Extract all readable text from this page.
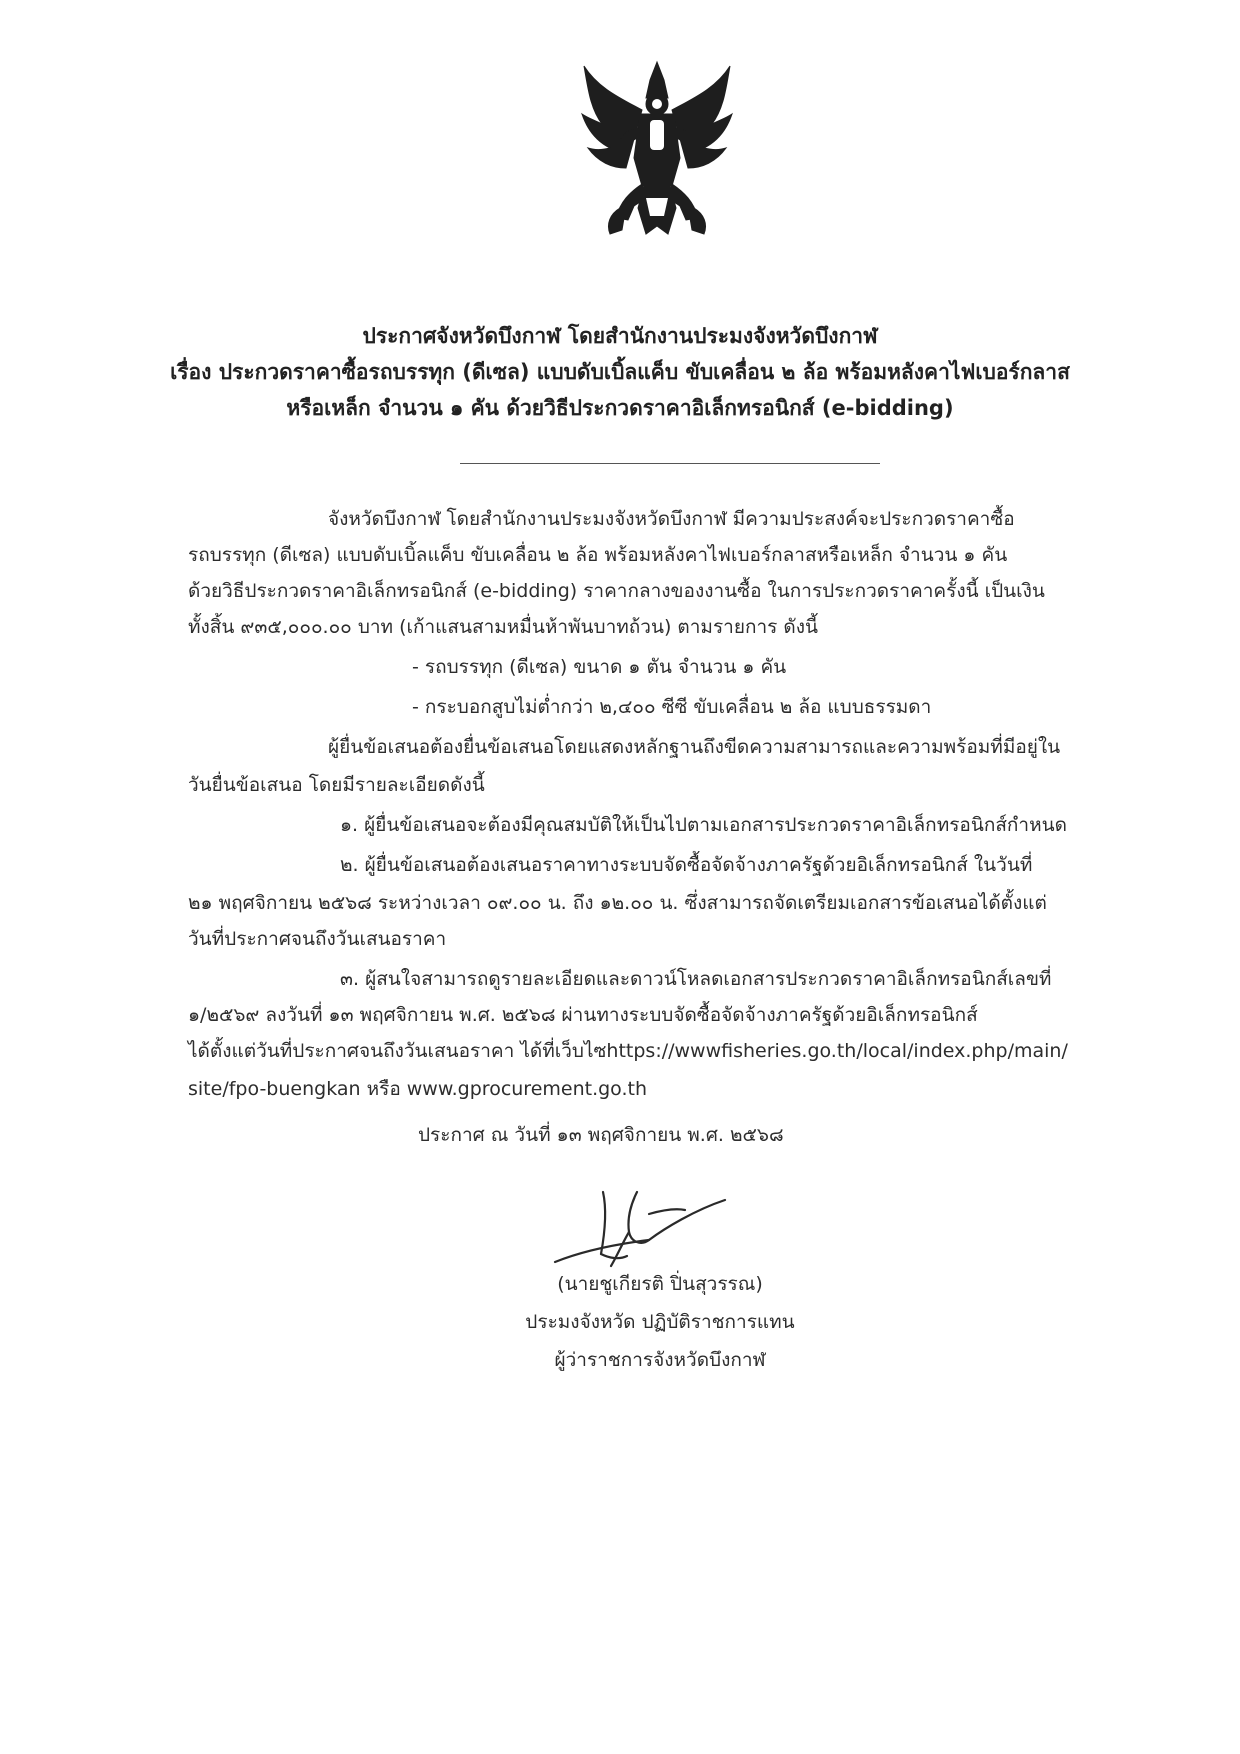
ประกาศจังหวัดบึงกาฬ โดยสำนักงานประมงจังหวัดบึงกาฬ
เรื่อง ประกวดราคาซื้อรถบรรทุก (ดีเซล) แบบดับเบิ้ลแค็บ ขับเคลื่อน ๒ ล้อ พร้อมหลังคาไฟเบอร์กลาส
หรือเหล็ก จำนวน ๑ คัน ด้วยวิธีประกวดราคาอิเล็กทรอนิกส์ (e-bidding)
จังหวัดบึงกาฬ โดยสำนักงานประมงจังหวัดบึงกาฬ มีความประสงค์จะประกวดราคาซื้อ
รถบรรทุก (ดีเซล) แบบดับเบิ้ลแค็บ ขับเคลื่อน ๒ ล้อ พร้อมหลังคาไฟเบอร์กลาสหรือเหล็ก จำนวน ๑ คัน
ด้วยวิธีประกวดราคาอิเล็กทรอนิกส์ (e-bidding) ราคากลางของงานซื้อ ในการประกวดราคาครั้งนี้ เป็นเงิน
ทั้งสิ้น ๙๓๕,๐๐๐.๐๐ บาท (เก้าแสนสามหมื่นห้าพันบาทถ้วน) ตามรายการ ดังนี้
- รถบรรทุก (ดีเซล) ขนาด ๑ ตัน จำนวน ๑ คัน
- กระบอกสูบไม่ต่ำกว่า ๒,๔๐๐ ซีซี ขับเคลื่อน ๒ ล้อ แบบธรรมดา
ผู้ยื่นข้อเสนอต้องยื่นข้อเสนอโดยแสดงหลักฐานถึงขีดความสามารถและความพร้อมที่มีอยู่ใน
วันยื่นข้อเสนอ โดยมีรายละเอียดดังนี้
๑. ผู้ยื่นข้อเสนอจะต้องมีคุณสมบัติให้เป็นไปตามเอกสารประกวดราคาอิเล็กทรอนิกส์กำหนด
๒. ผู้ยื่นข้อเสนอต้องเสนอราคาทางระบบจัดซื้อจัดจ้างภาครัฐด้วยอิเล็กทรอนิกส์ ในวันที่
๒๑ พฤศจิกายน ๒๕๖๘ ระหว่างเวลา ๐๙.๐๐ น. ถึง ๑๒.๐๐ น. ซึ่งสามารถจัดเตรียมเอกสารข้อเสนอได้ตั้งแต่
วันที่ประกาศจนถึงวันเสนอราคา
๓. ผู้สนใจสามารถดูรายละเอียดและดาวน์โหลดเอกสารประกวดราคาอิเล็กทรอนิกส์เลขที่
๑/๒๕๖๙ ลงวันที่ ๑๓ พฤศจิกายน พ.ศ. ๒๕๖๘ ผ่านทางระบบจัดซื้อจัดจ้างภาครัฐด้วยอิเล็กทรอนิกส์
ได้ตั้งแต่วันที่ประกาศจนถึงวันเสนอราคา ได้ที่เว็บไซhttps://wwwfisheries.go.th/local/index.php/main/
site/fpo-buengkan หรือ www.gprocurement.go.th
ประกาศ ณ วันที่ ๑๓ พฤศจิกายน พ.ศ. ๒๕๖๘
(นายชูเกียรติ ปิ่นสุวรรณ)
ประมงจังหวัด ปฏิบัติราชการแทน
ผู้ว่าราชการจังหวัดบึงกาฬ
